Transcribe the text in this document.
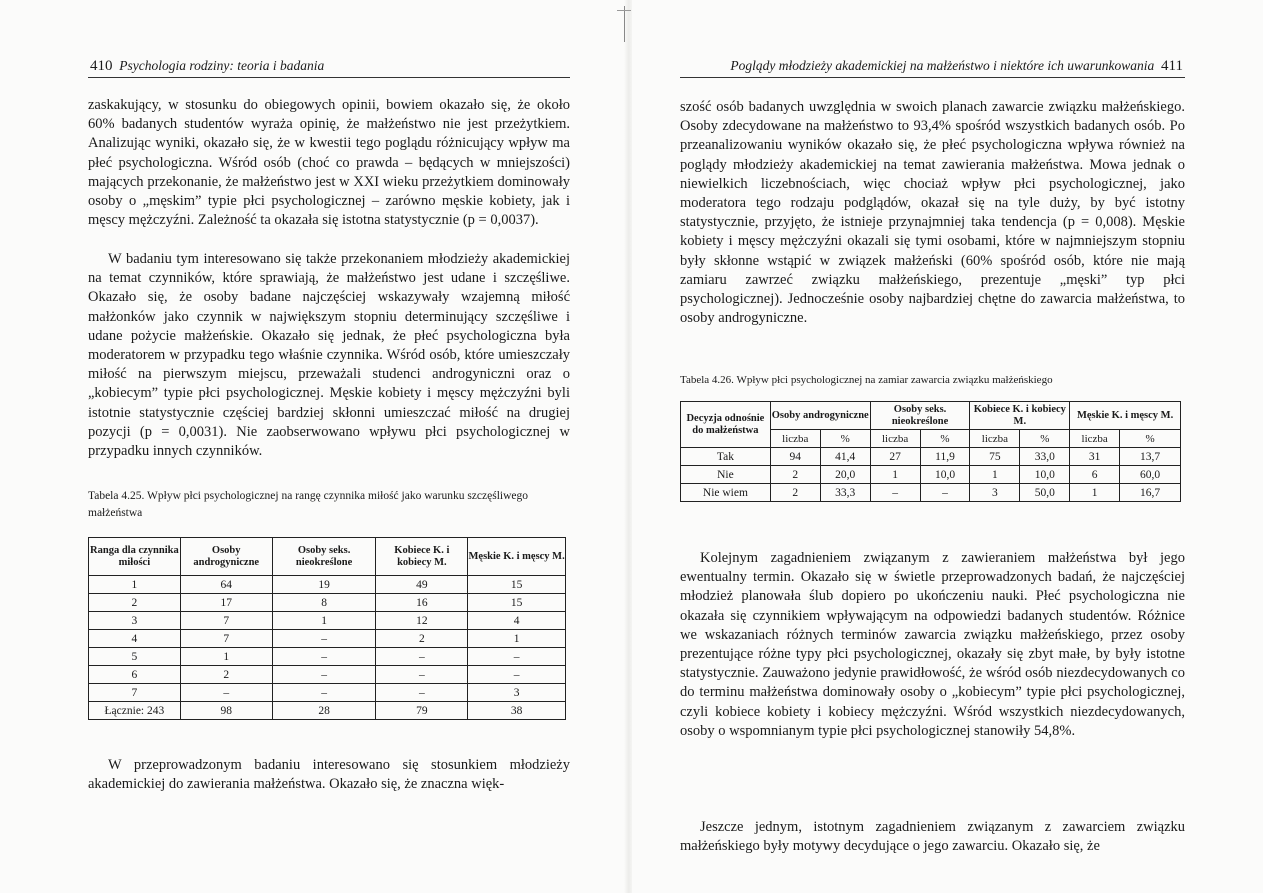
410 Psychologia rodziny: teoria i badania

zaskakujący, w stosunku do obiegowych opinii, bowiem okazało się, że około 60% badanych studentów wyraża opinię, że małżeństwo nie jest przeżytkiem. Analizując wyniki, okazało się, że w kwestii tego poglądu różnicujący wpływ ma płeć psychologiczna. Wśród osób (choć co prawda – będących w mniejszości) mających przekonanie, że małżeństwo jest w XXI wieku przeżytkiem dominowały osoby o „męskim” typie płci psychologicznej – zarówno męskie kobiety, jak i męscy mężczyźni. Zależność ta okazała się istotna statystycznie (p = 0,0037).

W badaniu tym interesowano się także przekonaniem młodzieży akademickiej na temat czynników, które sprawiają, że małżeństwo jest udane i szczęśliwe. Okazało się, że osoby badane najczęściej wskazywały wzajemną miłość małżonków jako czynnik w największym stopniu determinujący szczęśliwe i udane pożycie małżeńskie. Okazało się jednak, że płeć psychologiczna była moderatorem w przypadku tego właśnie czynnika. Wśród osób, które umieszczały miłość na pierwszym miejscu, przeważali studenci androgyniczni oraz o „kobiecym” typie płci psychologicznej. Męskie kobiety i męscy mężczyźni byli istotnie statystycznie częściej bardziej skłonni umieszczać miłość na drugiej pozycji (p = 0,0031). Nie zaobserwowano wpływu płci psychologicznej w przypadku innych czynników.

Tabela 4.25. Wpływ płci psychologicznej na rangę czynnika miłość jako warunku szczęśliwego małżeństwa

Ranga dla czynnika miłości	Osoby androgyniczne	Osoby seks. nieokreślone	Kobiece K. i kobiecy M.	Męskie K. i męscy M.
1	64	19	49	15
2	17	8	16	15
3	7	1	12	4
4	7	–	2	1
5	1	–	–	–
6	2	–	–	–
7	–	–	–	3
Łącznie: 243	98	28	79	38

W przeprowadzonym badaniu interesowano się stosunkiem młodzieży akademickiej do zawierania małżeństwa. Okazało się, że znaczna więk-

Poglądy młodzieży akademickiej na małżeństwo i niektóre ich uwarunkowania 411

szość osób badanych uwzględnia w swoich planach zawarcie związku małżeńskiego. Osoby zdecydowane na małżeństwo to 93,4% spośród wszystkich badanych osób. Po przeanalizowaniu wyników okazało się, że płeć psychologiczna wpływa również na poglądy młodzieży akademickiej na temat zawierania małżeństwa. Mowa jednak o niewielkich liczebnościach, więc chociaż wpływ płci psychologicznej, jako moderatora tego rodzaju podglądów, okazał się na tyle duży, by być istotny statystycznie, przyjęto, że istnieje przynajmniej taka tendencja (p = 0,008). Męskie kobiety i męscy mężczyźni okazali się tymi osobami, które w najmniejszym stopniu były skłonne wstąpić w związek małżeński (60% spośród osób, które nie mają zamiaru zawrzeć związku małżeńskiego, prezentuje „męski” typ płci psychologicznej). Jednocześnie osoby najbardziej chętne do zawarcia małżeństwa, to osoby androgyniczne.

Tabela 4.26. Wpływ płci psychologicznej na zamiar zawarcia związku małżeńskiego

Decyzja odnośnie do małżeństwa	Osoby androgyniczne		Osoby seks. nieokreślone		Kobiece K. i kobiecy M.		Męskie K. i męscy M.	
	liczba	%	liczba	%	liczba	%	liczba	%
Tak	94	41,4	27	11,9	75	33,0	31	13,7
Nie	2	20,0	1	10,0	1	10,0	6	60,0
Nie wiem	2	33,3	–	–	3	50,0	1	16,7

Kolejnym zagadnieniem związanym z zawieraniem małżeństwa był jego ewentualny termin. Okazało się w świetle przeprowadzonych badań, że najczęściej młodzież planowała ślub dopiero po ukończeniu nauki. Płeć psychologiczna nie okazała się czynnikiem wpływającym na odpowiedzi badanych studentów. Różnice we wskazaniach różnych terminów zawarcia związku małżeńskiego, przez osoby prezentujące różne typy płci psychologicznej, okazały się zbyt małe, by były istotne statystycznie. Zauważono jedynie prawidłowość, że wśród osób niezdecydowanych co do terminu małżeństwa dominowały osoby o „kobiecym” typie płci psychologicznej, czyli kobiece kobiety i kobiecy mężczyźni. Wśród wszystkich niezdecydowanych, osoby o wspomnianym typie płci psychologicznej stanowiły 54,8%.

Jeszcze jednym, istotnym zagadnieniem związanym z zawarciem związku małżeńskiego były motywy decydujące o jego zawarciu. Okazało się, że
